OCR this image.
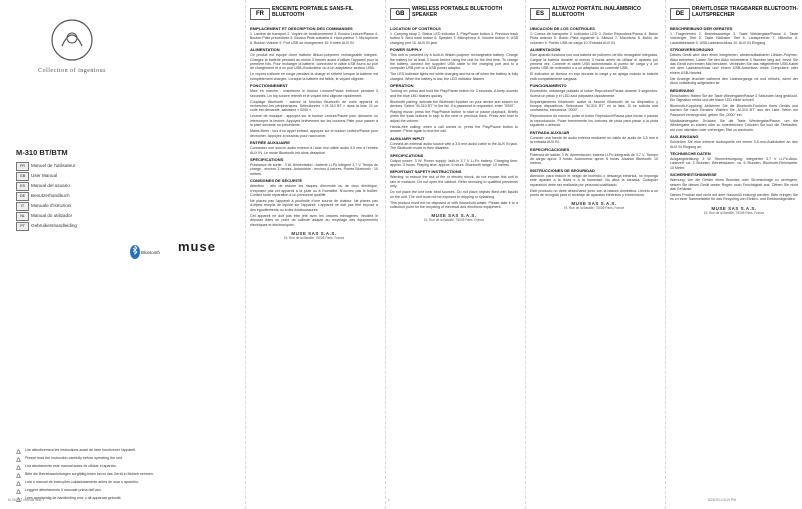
Collection of ingenious
M-310 BT/BTM
FR	Manuel de l'utilisateur
GB	User Manual
ES	Manual del usuario
DE	Benutzerhandbuch
IT	Manuale d'istruzioni
NL	Manual do utilizador
PT	Gebruikershandleiding
Bluetooth muse
Lire attentivement les instructions avant de faire fonctionner l'appareil.
Please read the instruction carefully before operating the unit.
Lea atentamente este manual antes de utilizar el aparato.
Bitte die Betriebsanleitungen sorgfältig lesen bevor das Gerät in Betrieb nehmen.
Leia o manual de instruções cuidadosamente antes de usar o aparelho.
Leggere attentamente il manuale prima dell'uso.
Lees aandachtig de handleiding voor u dit apparaat gebruikt.
FR
ENCEINTE PORTABLE SANS-FIL BLUETOOTH
EMPLACEMENT ET DESCRIPTION DES COMMANDES
1. Lanière de transport 2. Voyant de fonctionnement 3. Bouton Lecture/Pause 4. Bouton Piste précédente 5. Bouton Piste suivante 6. Haut-parleur 7. Microphone 8. Bouton Volume 9. Port USB de chargement 10. Entrée AUX IN
ALIMENTATION
Ce produit est équipé d'une batterie lithium-polymère rechargeable intégrée. Chargez la batterie pendant au moins 3 heures avant d'utiliser l'appareil pour la première fois. Pour recharger la batterie, connectez le câble USB fourni au port de chargement et à un port USB d'ordinateur ou à un adaptateur secteur USB.
Le voyant s'allume en rouge pendant la charge et s'éteint lorsque la batterie est complètement chargée. Lorsque la batterie est faible, le voyant clignote.
FONCTIONNEMENT
Mise en marche : maintenez le bouton Lecture/Pause enfoncé pendant 3 secondes. Un bip sonore retentit et le voyant bleu clignote rapidement.
Couplage Bluetooth : activez la fonction Bluetooth de votre appareil et recherchez les périphériques. Sélectionnez « M-310 BT » dans la liste. Si un code est demandé, saisissez « 0000 ».
Lecture de musique : appuyez sur le bouton Lecture/Pause pour démarrer ou interrompre la lecture. Appuyez brièvement sur les boutons Piste pour passer à la piste suivante ou précédente.
Mains libres : lors d'un appel entrant, appuyez sur le bouton Lecture/Pause pour décrocher. Appuyez à nouveau pour raccrocher.
ENTRÉE AUXILIAIRE
Connectez une source audio externe à l'aide d'un câble audio 3,5 mm à l'entrée AUX IN. Le mode Bluetooth est alors désactivé.
SPÉCIFICATIONS
Puissance de sortie : 3 W. Alimentation : batterie Li-Po intégrée 3,7 V. Temps de charge : environ 3 heures. Autonomie : environ 6 heures. Portée Bluetooth : 10 mètres.
CONSIGNES DE SÉCURITÉ
Attention : afin de réduire les risques d'incendie ou de choc électrique, n'exposez pas cet appareil à la pluie ou à l'humidité. N'ouvrez pas le boîtier. Confiez toute réparation à un personnel qualifié.
Ne placez pas l'appareil à proximité d'une source de chaleur. Ne placez pas d'objets remplis de liquide sur l'appareil. L'appareil ne doit pas être exposé à des égouttements ou à des éclaboussures.
Cet appareil ne doit pas être jeté avec les ordures ménagères. Veuillez le déposer dans un point de collecte adapté au recyclage des équipements électriques et électroniques.
MUSE SAS S.A.S.
19, Rue de la Bastille, 75005 Paris, France
GB
WIRELESS PORTABLE BLUETOOTH SPEAKER
LOCATION OF CONTROLS
1. Carrying strap 2. Status LED indicator 3. Play/Pause button 4. Previous track button 5. Next track button 6. Speaker 7. Microphone 8. Volume button 9. USB charging port 10. AUX IN jack
POWER SUPPLY
This unit is powered by a built-in lithium-polymer rechargeable battery. Charge the battery for at least 3 hours before using the unit for the first time. To charge the battery, connect the supplied USB cable to the charging port and to a computer USB port or a USB power adaptor.
The LED indicator lights red while charging and turns off when the battery is fully charged. When the battery is low, the LED indicator flashes.
OPERATION
Turning on: press and hold the Play/Pause button for 3 seconds. A beep sounds and the blue LED flashes quickly.
Bluetooth pairing: activate the Bluetooth function on your device and search for devices. Select "M-310 BT" in the list. If a password is requested, enter "0000".
Playing music: press the Play/Pause button to start or pause playback. Briefly press the track buttons to skip to the next or previous track. Press and hold to adjust the volume.
Hands-free calling: when a call comes in, press the Play/Pause button to answer. Press again to end the call.
AUXILIARY INPUT
Connect an external audio source with a 3.5 mm audio cable to the AUX IN jack. The Bluetooth mode is then disabled.
SPECIFICATIONS
Output power: 3 W. Power supply: built-in 3.7 V Li-Po battery. Charging time: approx. 3 hours. Playing time: approx. 6 hours. Bluetooth range: 10 metres.
IMPORTANT SAFETY INSTRUCTIONS
Warning: to reduce the risk of fire or electric shock, do not expose this unit to rain or moisture. Do not open the cabinet. Refer servicing to qualified personnel only.
Do not place the unit near heat sources. Do not place objects filled with liquids on the unit. The unit must not be exposed to dripping or splashing.
This product must not be disposed of with household waste. Please take it to a collection point for the recycling of electrical and electronic equipment.
MUSE SAS S.A.S.
19, Rue de la Bastille, 75005 Paris, France
ES
ALTAVOZ PORTÁTIL INALÁMBRICO BLUETOOTH
UBICACIÓN DE LOS CONTROLES
1. Correa de transporte 2. Indicador LED 3. Botón Reproducir/Pausa 4. Botón Pista anterior 5. Botón Pista siguiente 6. Altavoz 7. Micrófono 8. Botón de volumen 9. Puerto USB de carga 10. Entrada AUX IN
ALIMENTACIÓN
Este aparato funciona con una batería de polímero de litio recargable integrada. Cargue la batería durante al menos 3 horas antes de utilizar el aparato por primera vez. Conecte el cable USB suministrado al puerto de carga y a un puerto USB de ordenador o a un adaptador de corriente USB.
El indicador se ilumina en rojo durante la carga y se apaga cuando la batería está completamente cargada.
FUNCIONAMIENTO
Encendido: mantenga pulsado el botón Reproducir/Pausa durante 3 segundos. Suena un pitido y el LED azul parpadea rápidamente.
Emparejamiento Bluetooth: active la función Bluetooth de su dispositivo y busque dispositivos. Seleccione "M-310 BT" en la lista. Si se solicita una contraseña, introduzca "0000".
Reproducción de música: pulse el botón Reproducir/Pausa para iniciar o pausar la reproducción. Pulse brevemente los botones de pista para pasar a la pista siguiente o anterior.
ENTRADA AUXILIAR
Conecte una fuente de audio externa mediante un cable de audio de 3,5 mm a la entrada AUX IN.
ESPECIFICACIONES
Potencia de salida: 3 W. Alimentación: batería Li-Po integrada de 3,7 V. Tiempo de carga: aprox. 3 horas. Autonomía: aprox. 6 horas. Alcance Bluetooth: 10 metros.
INSTRUCCIONES DE SEGURIDAD
Atención: para reducir el riesgo de incendio o descarga eléctrica, no exponga este aparato a la lluvia o a la humedad. No abra la carcasa. Cualquier reparación debe ser realizada por personal cualificado.
Este producto no debe desecharse junto con la basura doméstica. Llévelo a un punto de recogida para el reciclaje de aparatos eléctricos y electrónicos.
MUSE SAS S.A.S.
19, Rue de la Bastille, 75005 Paris, France
DE
DRAHTLOSER TRAGBARER BLUETOOTH-LAUTSPRECHER
BESCHREIBUNG DER GERÄTES
1. Trageriemen 2. Betriebsanzeige 3. Taste Wiedergabe/Pause 4. Taste Vorheriger Titel 5. Taste Nächster Titel 6. Lautsprecher 7. Mikrofon 8. Lautstärketaste 9. USB-Ladeanschluss 10. AUX IN Eingang
STROMVERSORGUNG
Dieses Gerät wird über einen integrierten, wiederaufladbaren Lithium-Polymer-Akku betrieben. Laden Sie den Akku mindestens 3 Stunden lang auf, bevor Sie das Gerät zum ersten Mal benutzen. Verbinden Sie das mitgelieferte USB-Kabel mit dem Ladeanschluss und einem USB-Anschluss eines Computers oder einem USB-Netzteil.
Die Anzeige leuchtet während des Ladevorgangs rot und erlischt, wenn der Akku vollständig aufgeladen ist.
BEDIENUNG
Einschalten: Halten Sie die Taste Wiedergabe/Pause 3 Sekunden lang gedrückt. Ein Signalton ertönt und die blaue LED blinkt schnell.
Bluetooth-Kopplung: Aktivieren Sie die Bluetooth-Funktion Ihres Geräts und suchen Sie nach Geräten. Wählen Sie „M-310 BT“ aus der Liste. Wenn ein Passwort verlangt wird, geben Sie „0000“ ein.
Musikwiedergabe: Drücken Sie die Taste Wiedergabe/Pause, um die Wiedergabe zu starten oder zu unterbrechen. Drücken Sie kurz die Titeltasten, um zum nächsten oder vorherigen Titel zu wechseln.
AUX-EINGANG
Schließen Sie eine externe Audioquelle mit einem 3,5-mm-Audiokabel an den AUX IN Eingang an.
TECHNISCHE DATEN
Ausgangsleistung: 3 W. Stromversorgung: integrierter 3,7 V Li-Po-Akku. Ladezeit: ca. 3 Stunden. Betriebsdauer: ca. 6 Stunden. Bluetooth-Reichweite: 10 Meter.
SICHERHEITSHINWEISE
Warnung: Um die Gefahr eines Brandes oder Stromschlags zu verringern, setzen Sie dieses Gerät weder Regen noch Feuchtigkeit aus. Öffnen Sie nicht das Gehäuse.
Dieses Produkt darf nicht mit dem Hausmüll entsorgt werden. Bitte bringen Sie es zu einer Sammelstelle für das Recycling von Elektro- und Elektronikgeräten.
MUSE SAS S.A.S.
19, Rue de la Bastille, 75005 Paris, France
M-310 BT manual.indd 1	1	8/24/2014 6:19 PM
